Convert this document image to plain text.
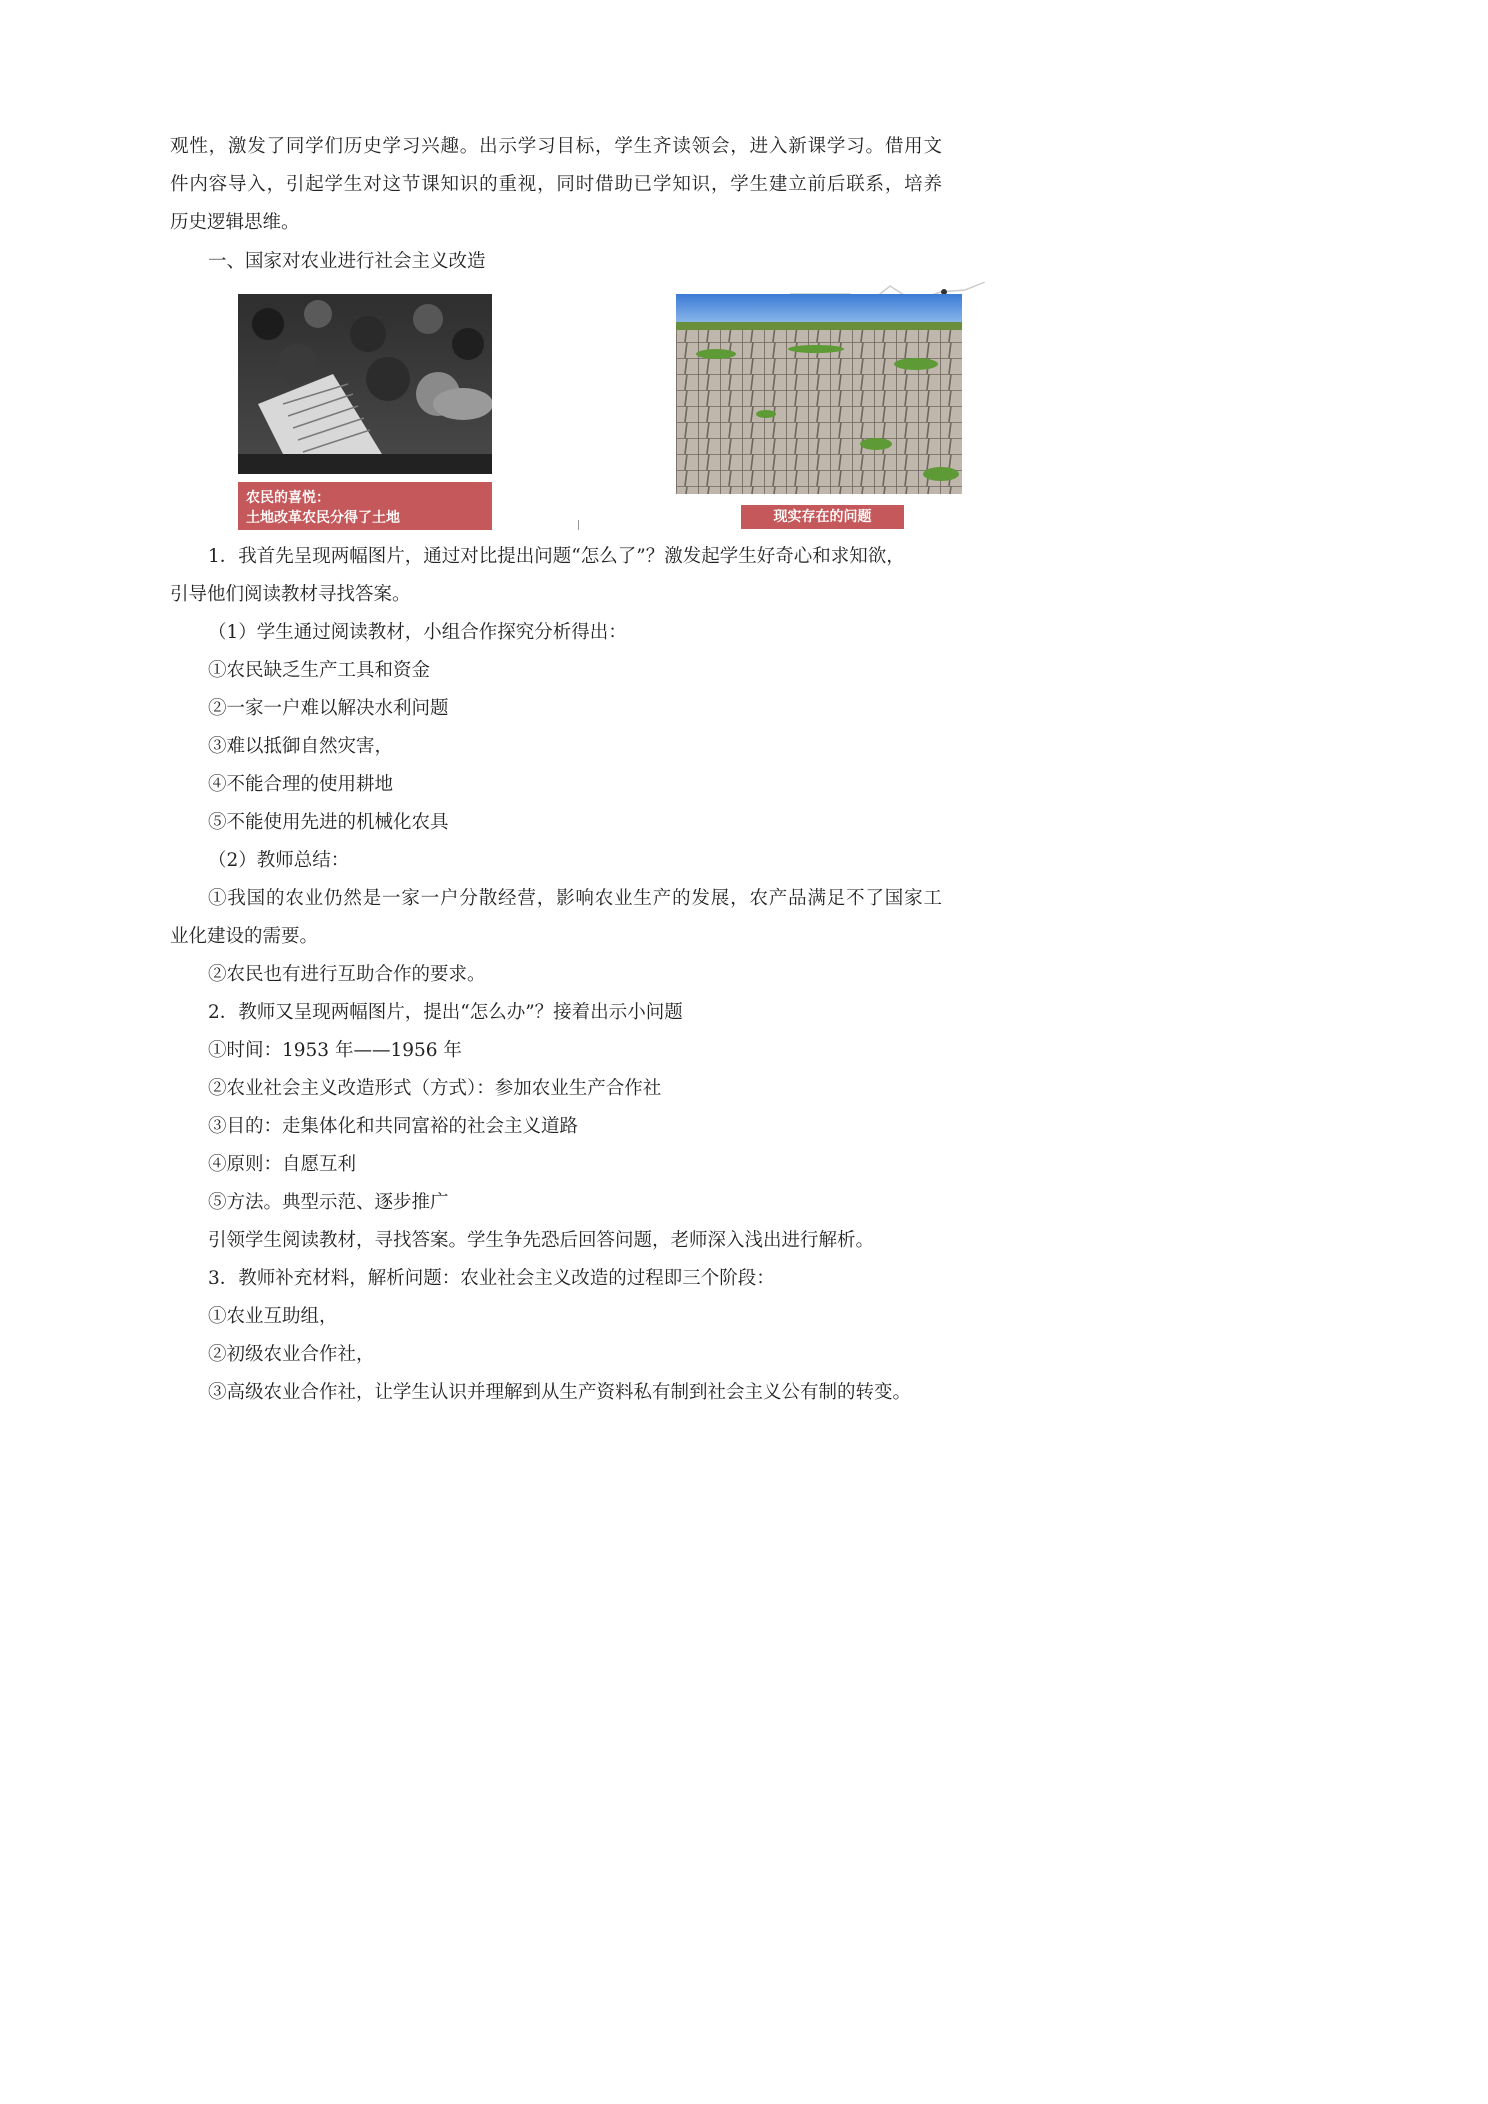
观性，激发了同学们历史学习兴趣。出示学习目标，学生齐读领会，进入新课学习。借用文
件内容导入，引起学生对这节课知识的重视，同时借助已学知识，学生建立前后联系，培养
历史逻辑思维。
一、国家对农业进行社会主义改造
农民的喜悦：
土地改革农民分得了土地	现实存在的问题
1．我首先呈现两幅图片，通过对比提出问题“怎么了”？激发起学生好奇心和求知欲，
引导他们阅读教材寻找答案。
（1）学生通过阅读教材，小组合作探究分析得出：
①农民缺乏生产工具和资金
②一家一户难以解决水利问题
③难以抵御自然灾害，
④不能合理的使用耕地
⑤不能使用先进的机械化农具
（2）教师总结：
①我国的农业仍然是一家一户分散经营，影响农业生产的发展，农产品满足不了国家工
业化建设的需要。
②农民也有进行互助合作的要求。
2．教师又呈现两幅图片，提出“怎么办”？接着出示小问题
①时间：1953 年——1956 年
②农业社会主义改造形式（方式）：参加农业生产合作社
③目的：走集体化和共同富裕的社会主义道路
④原则：自愿互利
⑤方法。典型示范、逐步推广
引领学生阅读教材，寻找答案。学生争先恐后回答问题，老师深入浅出进行解析。
3．教师补充材料，解析问题：农业社会主义改造的过程即三个阶段：
①农业互助组，
②初级农业合作社，
③高级农业合作社，让学生认识并理解到从生产资料私有制到社会主义公有制的转变。
